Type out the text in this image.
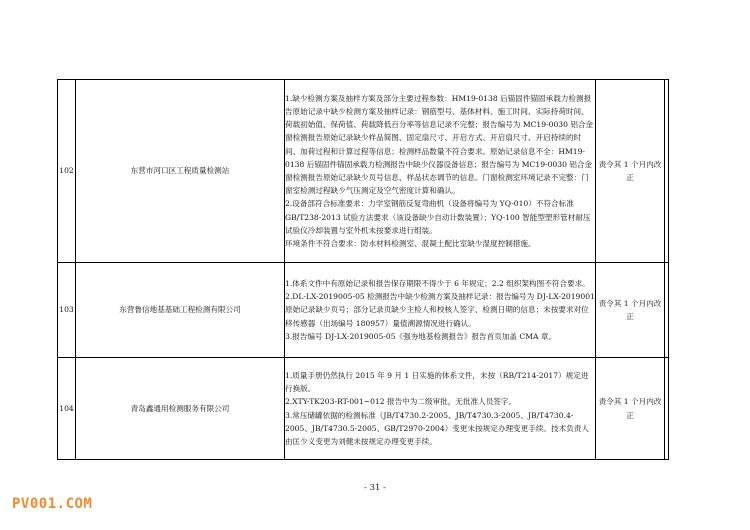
102	东营市河口区工程质量检测站	1.缺少检测方案及抽样方案及部分主要过程参数：HM19-0138 后锚固件锚固承载力检测报告原始记录中缺少检测方案及抽样记录：钢筋型号、基体材料、施工时间、实际持荷时间、荷载初始值、保荷值、荷载降低百分率等信息记录不完整；报告编号为 MC19-0030 铝合金窗检测报告原始记录缺少样品简图、固定扇尺寸、开启方式、开启扇尺寸、开启持续的时间、加荷过程和计算过程等信息；检测样品数量不符合要求。原始记录信息不全：HM19-0138 后锚固件锚固承载力检测报告中缺少仪器设备信息；报告编号为 MC19-0030 铝合金窗检测报告原始记录缺少页号信息、样品状态调节的信息。门窗检测室环境记录不完整：门窗室检测过程缺少气压测定及空气密度计算和确认。

2.设备部符合标准要求：力学室钢筋反复弯曲机（设备将编号为 YQ-010）不符合标准 GB/T238-2013 试验方法要求（该设备缺少自动计数装置）；YQ-100 智能型塑形管材耐压试验仪冷却装置与室外机未按要求进行组装。

环境条件不符合要求：防水材料检测室、混凝土配比室缺少湿度控制措施。	责令其 1 个月内改正	
103	东营鲁信地基基础工程检测有限公司	1.体系文件中有原始记录和报告保存期限不得少于 6 年规定；2.2 组织架构图不符合要求。

2.DL-LX-2019005-05 检测报告中缺少检测方案及抽样记录：报告编号为 DJ-LX-2019001 原始记录缺少页号；部分记录页缺少主检人和校核人签字、检测日期的信息；未按要求对位移传感器（出场编号 180957）量值溯源情况进行确认。

3.报告编号 DJ-LX-2019005-05《强夯地基检测报告》报告首页加盖 CMA 章。	责令其 1 个月内改正	
104	青岛鑫通用检测服务有限公司	1.质量手册仍然执行 2015 年 9 月 1 日实施的体系文件，未按（RB/T214-2017）规定进行换版。

2.XTY-TK203-RT-001~012 报告中为二级审批，无批准人员签字。

3.常压储罐依据的检测标准（JB/T4730.2-2005、JB/T4730.3-2005、JB/T4730.4-2005、JB/T4730.5-2005、GB/T2970-2004）变更未按规定办理变更手续。技术负责人由匡少义变更为刘健未按规定办理变更手续。	责令其 1 个月内改正	
- 31 -
PV001.COM
